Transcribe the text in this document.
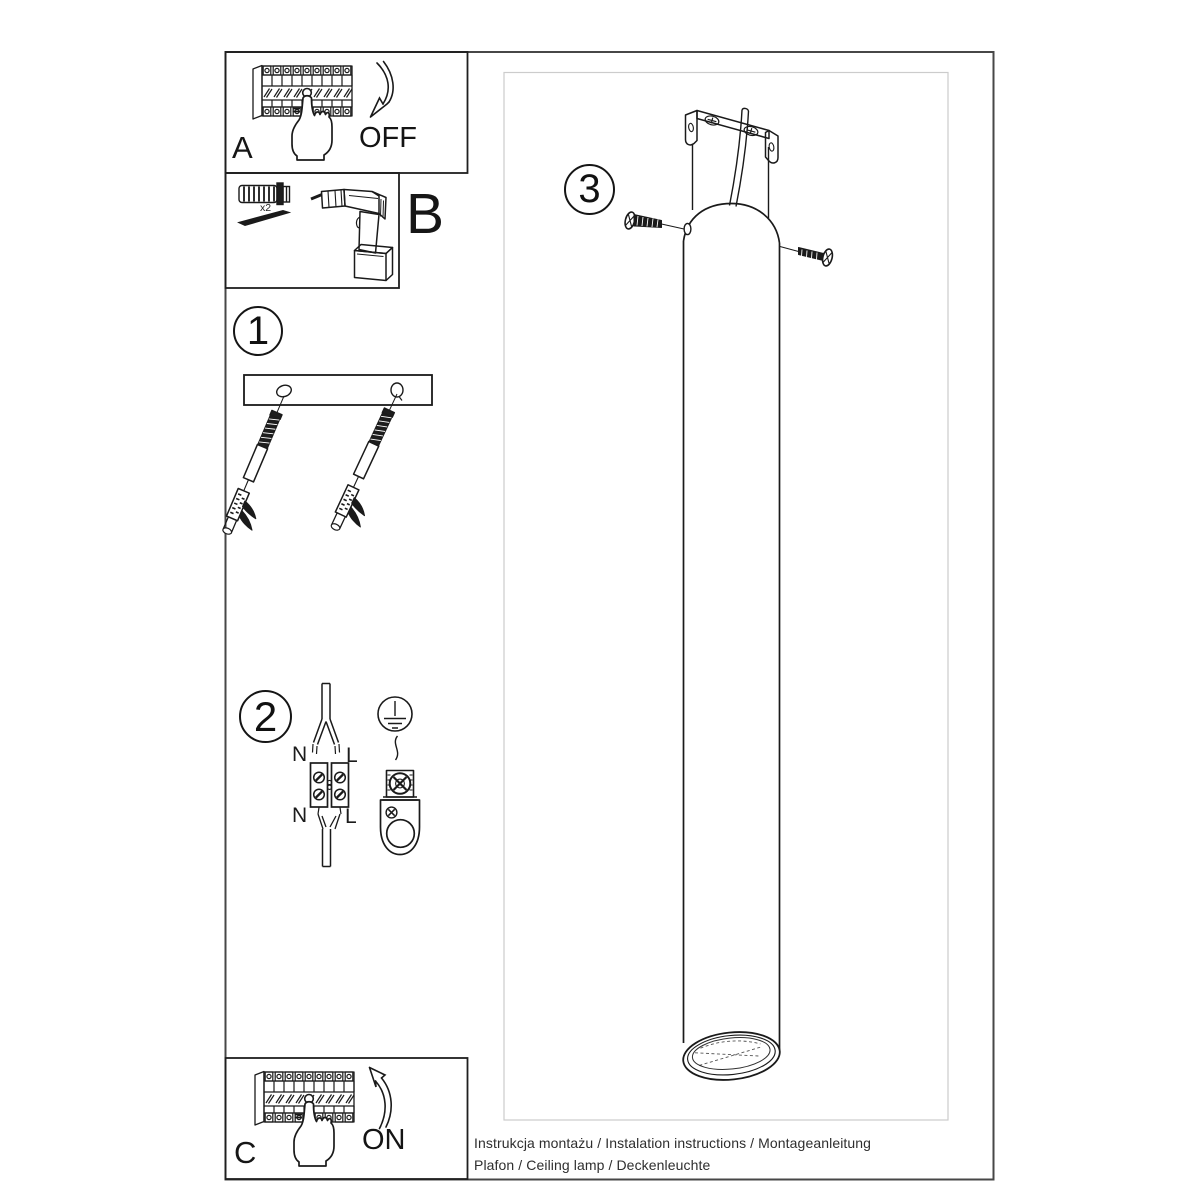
A	OFF
B
x2
1
2
3
N L
N L
C	ON	Instrukcja montażu / Instalation instructions / Montageanleitung
Plafon / Ceiling lamp / Deckenleuchte
